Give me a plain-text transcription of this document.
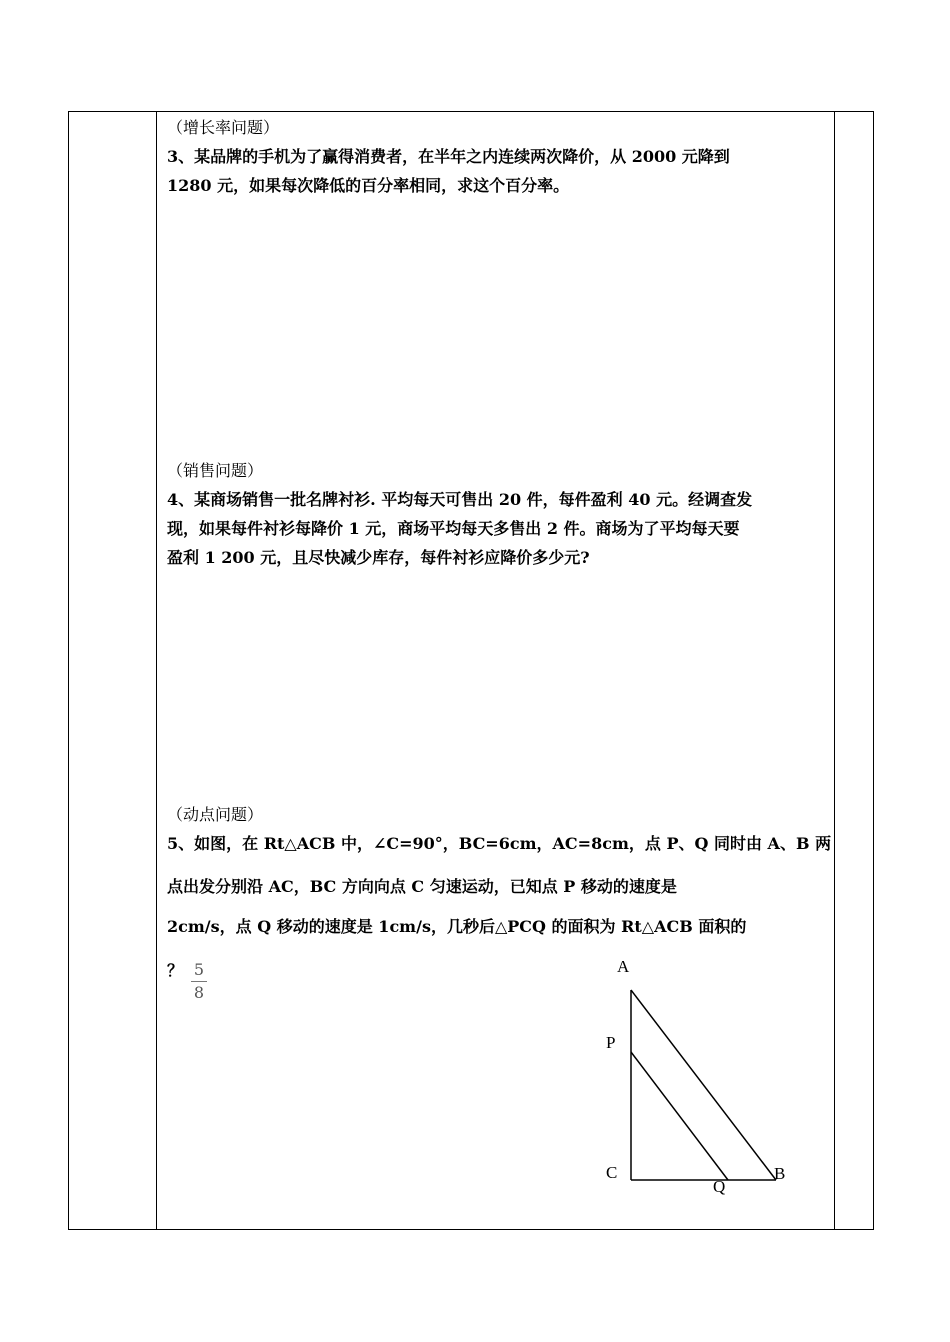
（增长率问题）

3、某品牌的手机为了赢得消费者，在半年之内连续两次降价，从 2000 元降到

1280 元，如果每次降低的百分率相同，求这个百分率。

（销售问题）

4、某商场销售一批名牌衬衫. 平均每天可售出 20 件，每件盈利 40 元。经调查发

现，如果每件衬衫每降价 1 元，商场平均每天多售出 2 件。商场为了平均每天要

盈利 1 200 元，且尽快减少库存，每件衬衫应降价多少元?

（动点问题）
5、如图，在 Rt△ACB 中，∠C=90°，BC=6cm，AC=8cm，点 P、Q 同时由 A、B 两
点出发分别沿 AC，BC 方向向点 C 匀速运动，已知点 P 移动的速度是
2cm/s，点 Q 移动的速度是 1cm/s，几秒后△PCQ 的面积为 Rt△ACB 面积的
？ 5
8
A
P
C
Q
B
